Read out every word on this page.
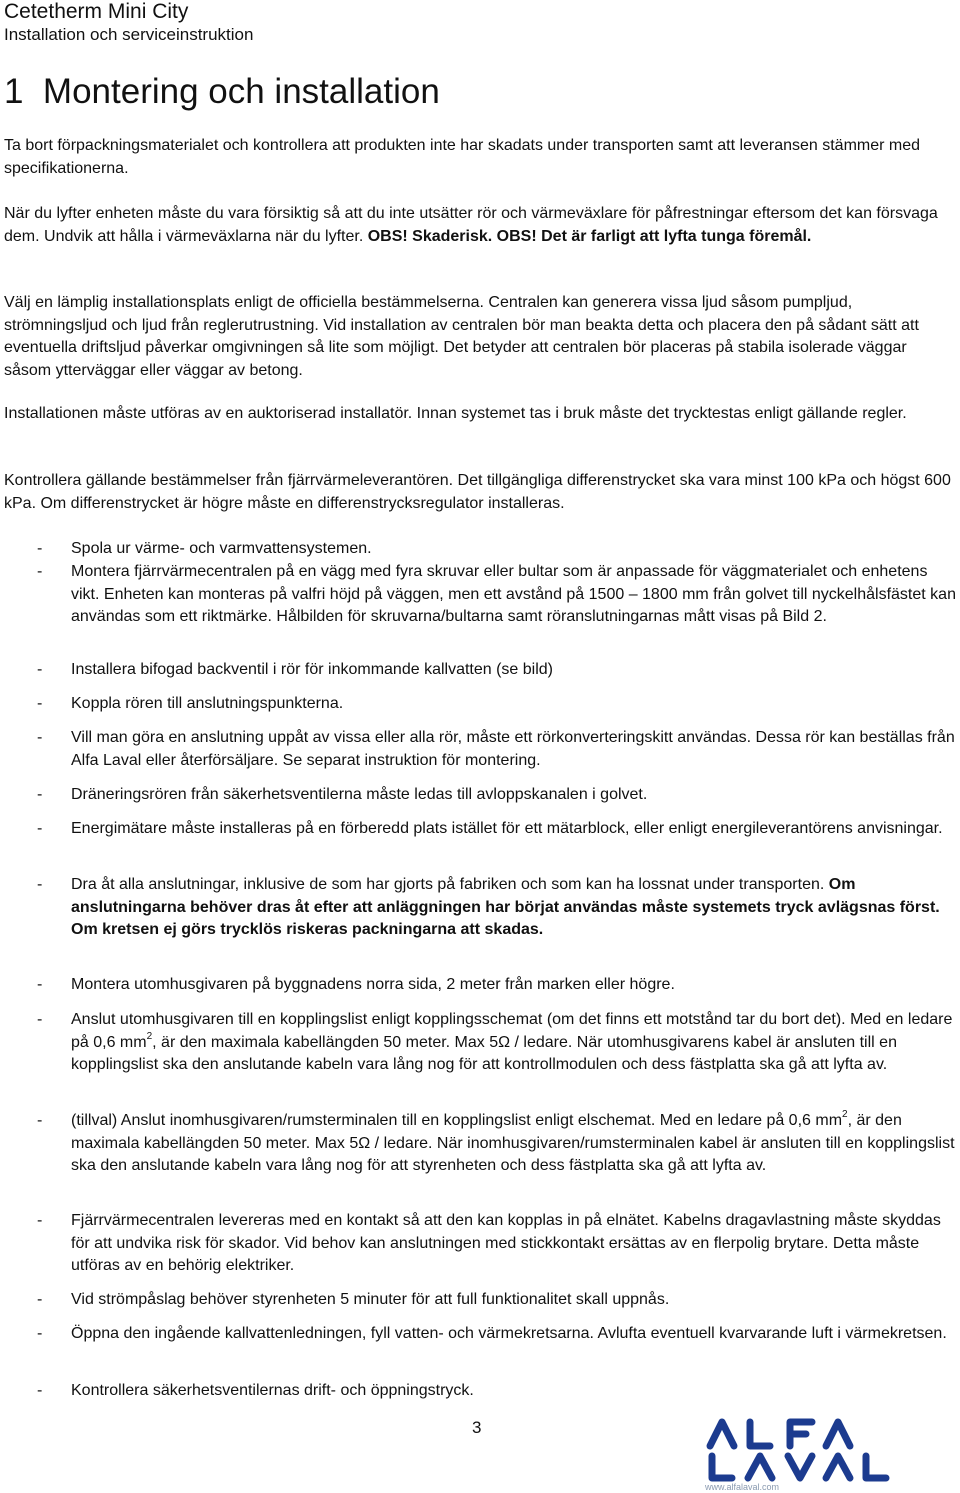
Cetetherm Mini City
Installation och serviceinstruktion
1  Montering och installation

Ta bort förpackningsmaterialet och kontrollera att produkten inte har skadats under transporten samt att leveransen stämmer med specifikationerna.

När du lyfter enheten måste du vara försiktig så att du inte utsätter rör och värmeväxlare för påfrestningar eftersom det kan försvaga dem. Undvik att hålla i värmeväxlarna när du lyfter. OBS! Skaderisk. OBS! Det är farligt att lyfta tunga föremål.

Välj en lämplig installationsplats enligt de officiella bestämmelserna. Centralen kan generera vissa ljud såsom pumpljud, strömningsljud och ljud från reglerutrustning. Vid installation av centralen bör man beakta detta och placera den på sådant sätt att eventuella driftsljud påverkar omgivningen så lite som möjligt. Det betyder att centralen bör placeras på stabila isolerade väggar såsom ytterväggar eller väggar av betong.

Installationen måste utföras av en auktoriserad installatör. Innan systemet tas i bruk måste det trycktestas enligt gällande regler.

Kontrollera gällande bestämmelser från fjärrvärmeleverantören. Det tillgängliga differenstrycket ska vara minst 100 kPa och högst 600 kPa. Om differenstrycket är högre måste en differenstrycksregulator installeras.

- Spola ur värme- och varmvattensystemen.
- Montera fjärrvärmecentralen på en vägg med fyra skruvar eller bultar som är anpassade för väggmaterialet och enhetens vikt. Enheten kan monteras på valfri höjd på väggen, men ett avstånd på 1500 – 1800 mm från golvet till nyckelhålsfästet kan användas som ett riktmärke. Hålbilden för skruvarna/bultarna samt röranslutningarnas mått visas på Bild 2.
- Installera bifogad backventil i rör för inkommande kallvatten (se bild)
- Koppla rören till anslutningspunkterna.
- Vill man göra en anslutning uppåt av vissa eller alla rör, måste ett rörkonverteringskitt användas. Dessa rör kan beställas från Alfa Laval eller återförsäljare. Se separat instruktion för montering.
- Dräneringsrören från säkerhetsventilerna måste ledas till avloppskanalen i golvet.
- Energimätare måste installeras på en förberedd plats istället för ett mätarblock, eller enligt energileverantörens anvisningar.
- Dra åt alla anslutningar, inklusive de som har gjorts på fabriken och som kan ha lossnat under transporten. Om anslutningarna behöver dras åt efter att anläggningen har börjat användas måste systemets tryck avlägsnas först. Om kretsen ej görs trycklös riskeras packningarna att skadas.
- Montera utomhusgivaren på byggnadens norra sida, 2 meter från marken eller högre.
- Anslut utomhusgivaren till en kopplingslist enligt kopplingsschemat (om det finns ett motstånd tar du bort det). Med en ledare på 0,6 $mm^2$, är den maximala kabellängden 50 meter. Max 5Ω / ledare. När utomhusgivarens kabel är ansluten till en kopplingslist ska den anslutande kabeln vara lång nog för att kontrollmodulen och dess fästplatta ska gå att lyfta av.
- (tillval) Anslut inomhusgivaren/rumsterminalen till en kopplingslist enligt elschemat. Med en ledare på 0,6 $mm^2$, är den maximala kabellängden 50 meter. Max 5Ω / ledare. När inomhusgivaren/rumsterminalen kabel är ansluten till en kopplingslist ska den anslutande kabeln vara lång nog för att styrenheten och dess fästplatta ska gå att lyfta av.
- Fjärrvärmecentralen levereras med en kontakt så att den kan kopplas in på elnätet. Kabelns dragavlastning måste skyddas för att undvika risk för skador. Vid behov kan anslutningen med stickkontakt ersättas av en flerpolig brytare. Detta måste utföras av en behörig elektriker.
- Vid strömpåslag behöver styrenheten 5 minuter för att full funktionalitet skall uppnås.
- Öppna den ingående kallvattenledningen, fyll vatten- och värmekretsarna. Avlufta eventuell kvarvarande luft i värmekretsen.
- Kontrollera säkerhetsventilernas drift- och öppningstryck.
3
www.alfalaval.com
